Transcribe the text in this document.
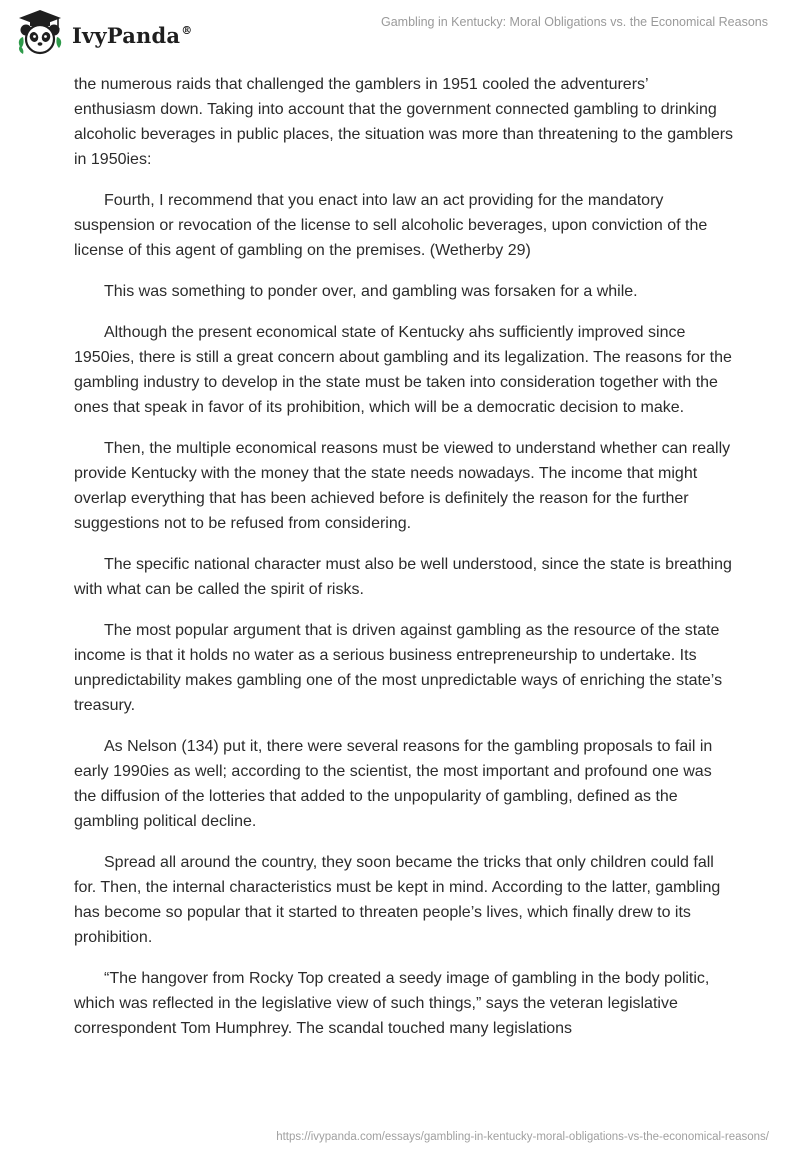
IvyPanda®
Gambling in Kentucky: Moral Obligations vs. the Economical Reasons

the numerous raids that challenged the gamblers in 1951 cooled the adventurers’ enthusiasm down. Taking into account that the government connected gambling to drinking alcoholic beverages in public places, the situation was more than threatening to the gamblers in 1950ies:

Fourth, I recommend that you enact into law an act providing for the mandatory suspension or revocation of the license to sell alcoholic beverages, upon conviction of the license of this agent of gambling on the premises. (Wetherby 29)

This was something to ponder over, and gambling was forsaken for a while.

Although the present economical state of Kentucky ahs sufficiently improved since 1950ies, there is still a great concern about gambling and its legalization. The reasons for the gambling industry to develop in the state must be taken into consideration together with the ones that speak in favor of its prohibition, which will be a democratic decision to make.

Then, the multiple economical reasons must be viewed to understand whether can really provide Kentucky with the money that the state needs nowadays. The income that might overlap everything that has been achieved before is definitely the reason for the further suggestions not to be refused from considering.

The specific national character must also be well understood, since the state is breathing with what can be called the spirit of risks.

The most popular argument that is driven against gambling as the resource of the state income is that it holds no water as a serious business entrepreneurship to undertake. Its unpredictability makes gambling one of the most unpredictable ways of enriching the state’s treasury.

As Nelson (134) put it, there were several reasons for the gambling proposals to fail in early 1990ies as well; according to the scientist, the most important and profound one was the diffusion of the lotteries that added to the unpopularity of gambling, defined as the gambling political decline.

Spread all around the country, they soon became the tricks that only children could fall for. Then, the internal characteristics must be kept in mind. According to the latter, gambling has become so popular that it started to threaten people’s lives, which finally drew to its prohibition.

“The hangover from Rocky Top created a seedy image of gambling in the body politic, which was reflected in the legislative view of such things,” says the veteran legislative correspondent Tom Humphrey. The scandal touched many legislations

https://ivypanda.com/essays/gambling-in-kentucky-moral-obligations-vs-the-economical-reasons/
